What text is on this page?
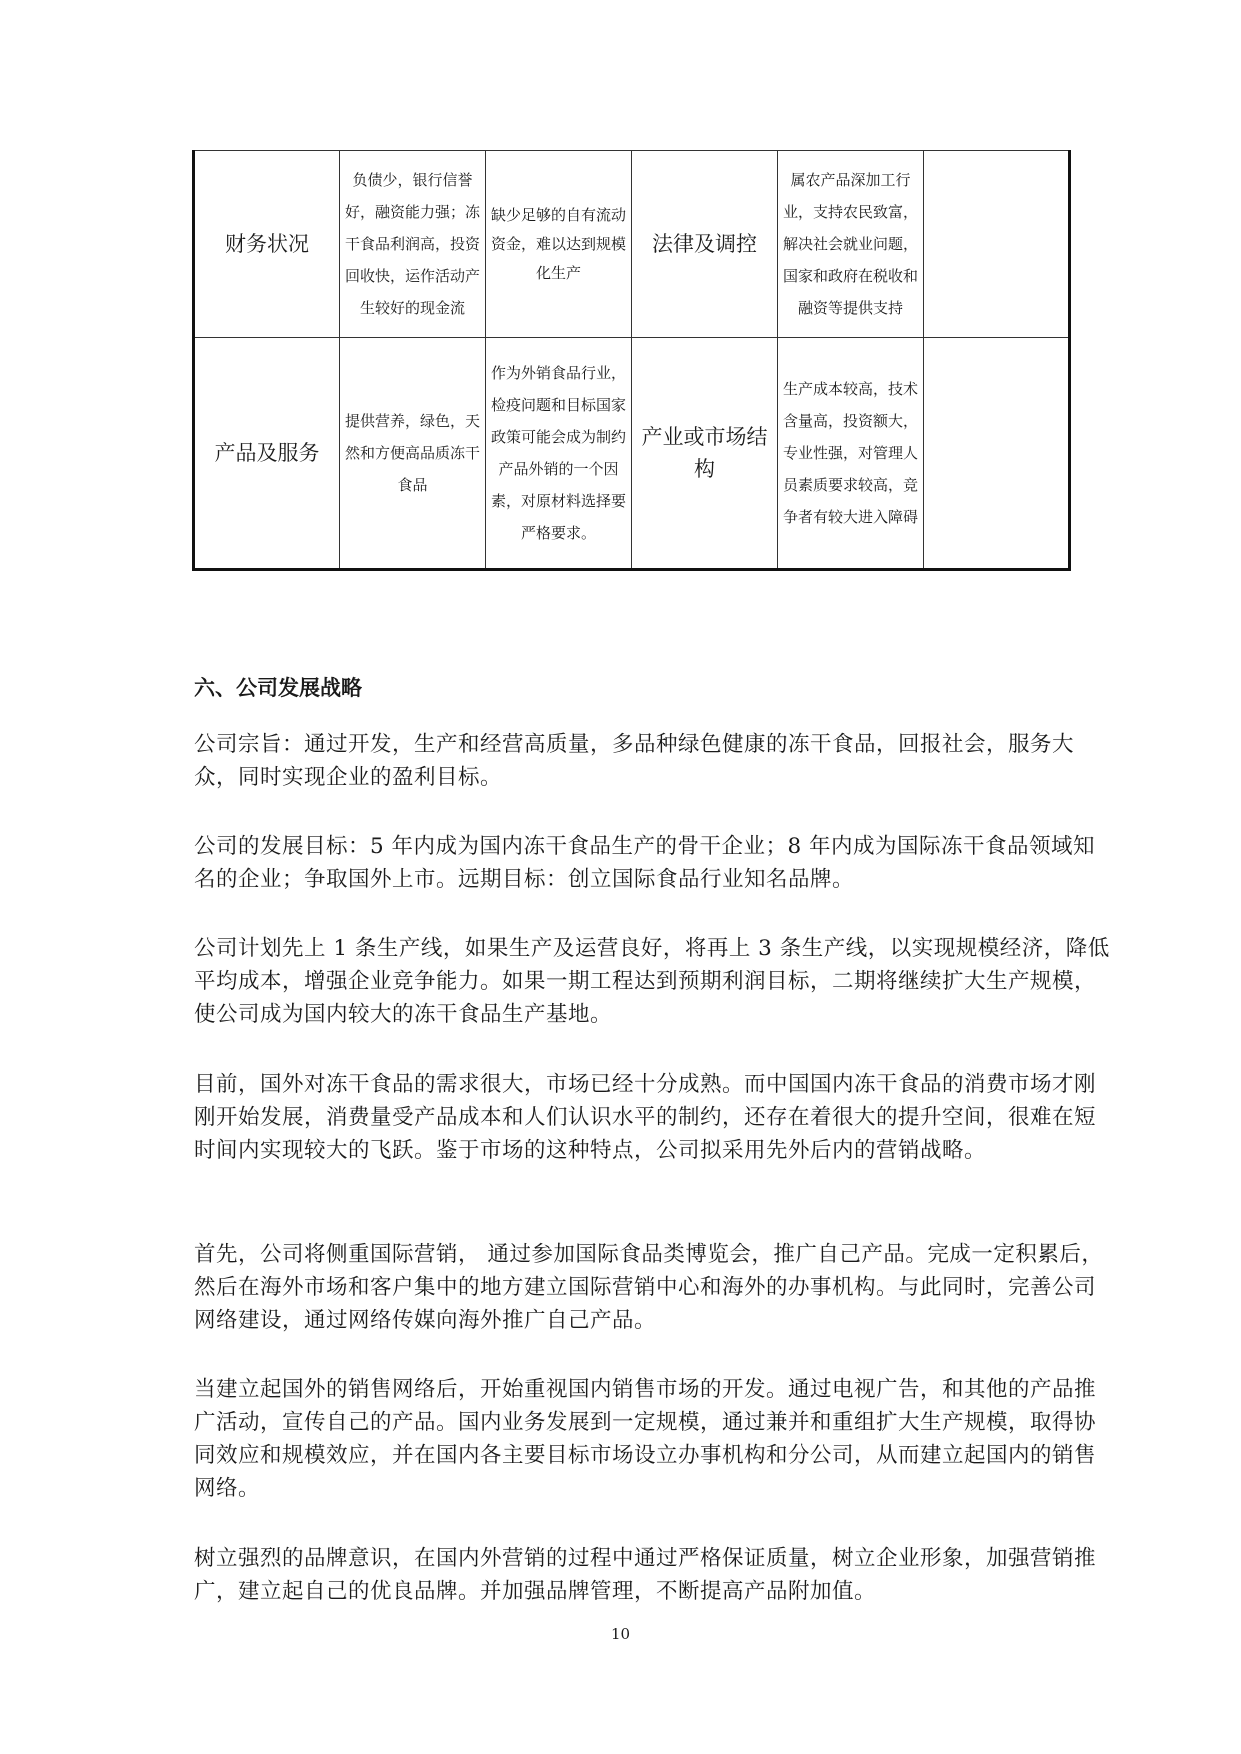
财务状况	负债少，银行信誉好，融资能力强；冻干食品利润高，投资回收快，运作活动产生较好的现金流	缺少足够的自有流动资金，难以达到规模化生产	法律及调控	属农产品深加工行业，支持农民致富，解决社会就业问题，国家和政府在税收和融资等提供支持	
产品及服务	提供营养，绿色，天然和方便高品质冻干食品	作为外销食品行业，检疫问题和目标国家政策可能会成为制约产品外销的一个因素，对原材料选择要严格要求。	产业或市场结构	生产成本较高，技术含量高，投资额大，专业性强，对管理人员素质要求较高，竞争者有较大进入障碍	
六、公司发展战略

公司宗旨：通过开发，生产和经营高质量，多品种绿色健康的冻干食品，回报社会，服务大众，同时实现企业的盈利目标。

公司的发展目标：5 年内成为国内冻干食品生产的骨干企业；8 年内成为国际冻干食品领域知名的企业；争取国外上市。远期目标：创立国际食品行业知名品牌。

公司计划先上 1 条生产线，如果生产及运营良好，将再上 3 条生产线，以实现规模经济，降低平均成本，增强企业竞争能力。如果一期工程达到预期利润目标，二期将继续扩大生产规模，使公司成为国内较大的冻干食品生产基地。

目前，国外对冻干食品的需求很大，市场已经十分成熟。而中国国内冻干食品的消费市场才刚刚开始发展，消费量受产品成本和人们认识水平的制约，还存在着很大的提升空间，很难在短时间内实现较大的飞跃。鉴于市场的这种特点，公司拟采用先外后内的营销战略。

首先，公司将侧重国际营销， 通过参加国际食品类博览会，推广自己产品。完成一定积累后，然后在海外市场和客户集中的地方建立国际营销中心和海外的办事机构。与此同时，完善公司网络建设，通过网络传媒向海外推广自己产品。

当建立起国外的销售网络后，开始重视国内销售市场的开发。通过电视广告，和其他的产品推广活动，宣传自己的产品。国内业务发展到一定规模，通过兼并和重组扩大生产规模，取得协同效应和规模效应，并在国内各主要目标市场设立办事机构和分公司，从而建立起国内的销售网络。

树立强烈的品牌意识，在国内外营销的过程中通过严格保证质量，树立企业形象，加强营销推广，建立起自己的优良品牌。并加强品牌管理，不断提高产品附加值。

10
